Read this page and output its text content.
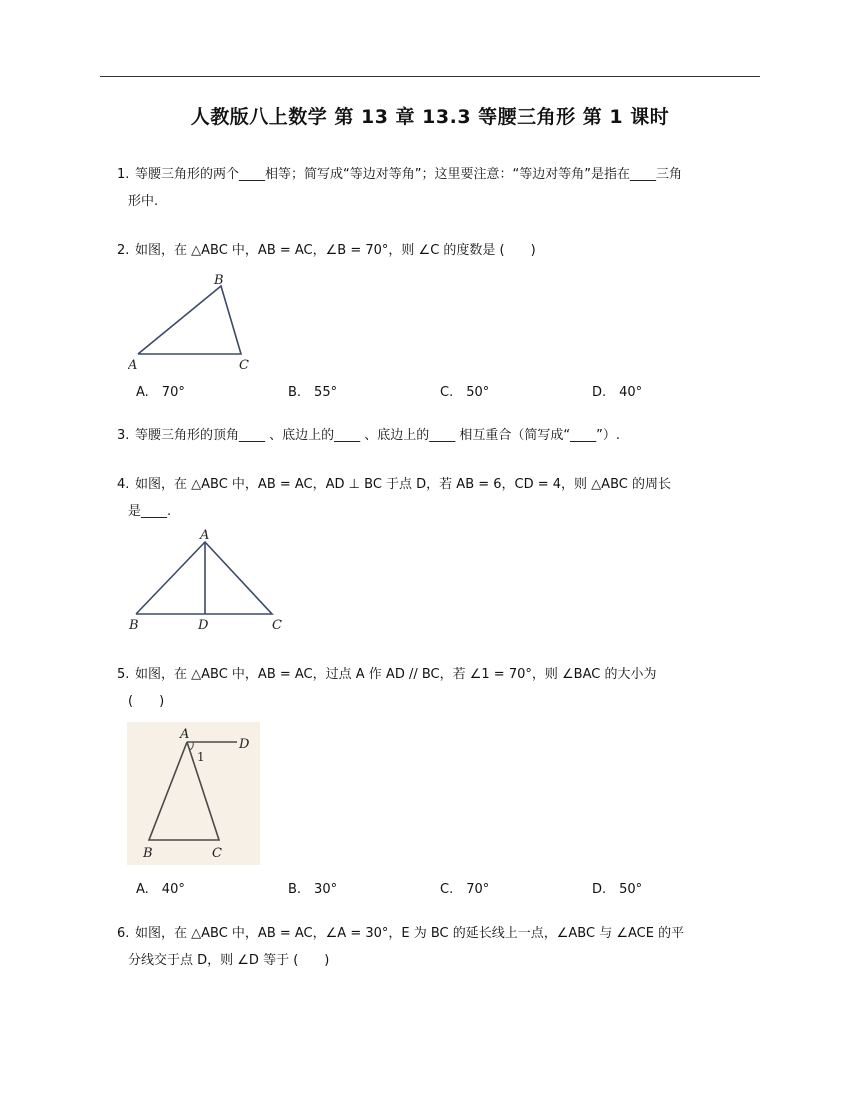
人教版八上数学 第 13 章 13.3 等腰三角形 第 1 课时
1. 等腰三角形的两个____相等；简写成“等边对等角”；这里要注意：“等边对等角”是指在____三角
形中.
2. 如图，在 △ABC 中，AB = AC，∠B = 70°，则 ∠C 的度数是 (　　)
B
A	C
A.　70°	B.　55°	C.　50°	D.　40°
3. 等腰三角形的顶角____ 、底边上的____ 、底边上的____ 相互重合（简写成“____”）.
4. 如图，在 △ABC 中，AB = AC，AD ⊥ BC 于点 D，若 AB = 6，CD = 4，则 △ABC 的周长
是____.
A
B	D	C
5. 如图，在 △ABC 中，AB = AC，过点 A 作 AD // BC，若 ∠1 = 70°，则 ∠BAC 的大小为
(　　)
A
D
1
B	C
A.　40°	B.　30°	C.　70°	D.　50°
6. 如图，在 △ABC 中，AB = AC，∠A = 30°，E 为 BC 的延长线上一点，∠ABC 与 ∠ACE 的平
分线交于点 D，则 ∠D 等于 (　　)
